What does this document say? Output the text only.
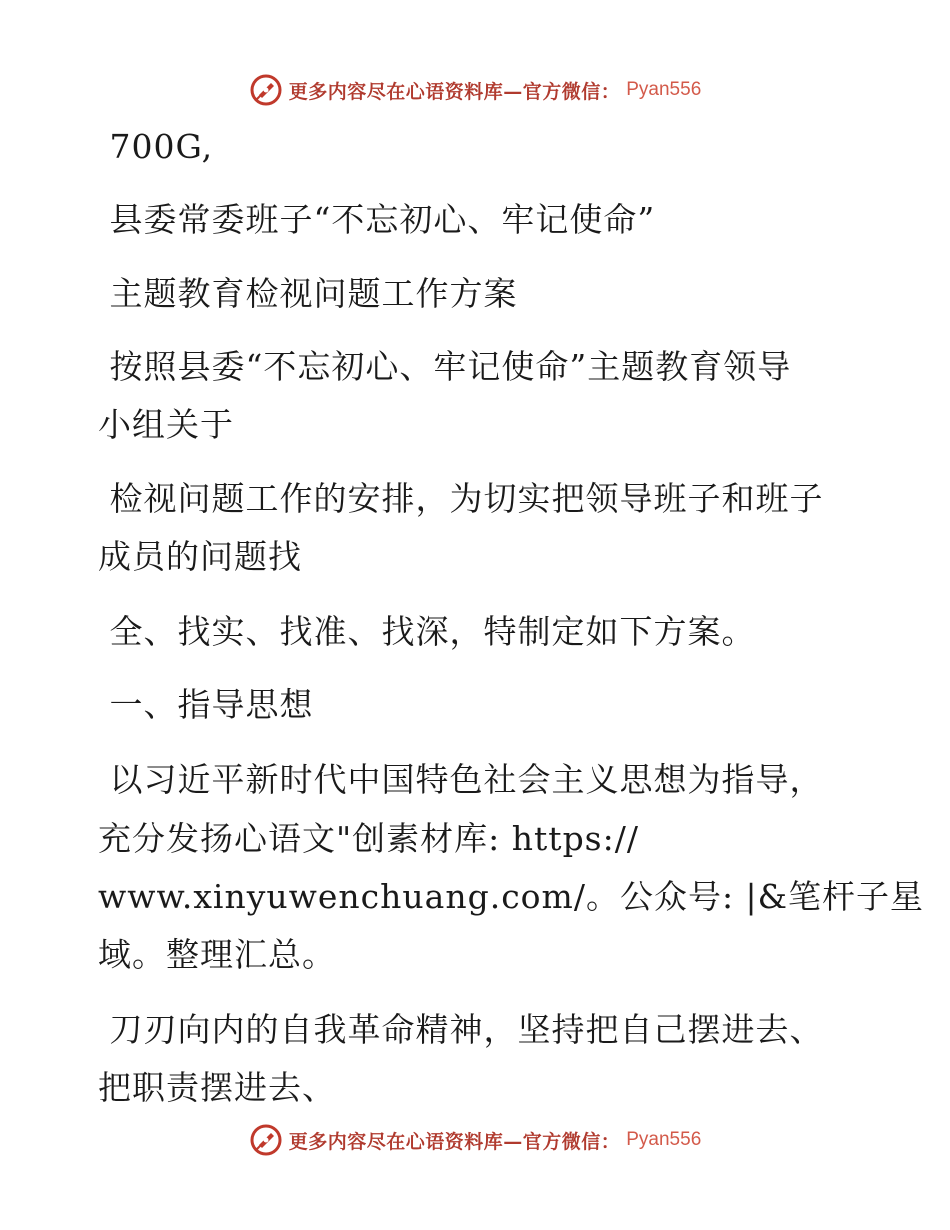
更多内容尽在心语资料库—官方微信： Pyan556
700G,
县委常委班子“不忘初心、牢记使命”
主题教育检视问题工作方案
按照县委“不忘初心、牢记使命”主题教育领导
小组关于
检视问题工作的安排，为切实把领导班子和班子
成员的问题找
全、找实、找准、找深，特制定如下方案。
一、指导思想
以习近平新时代中国特色社会主义思想为指导，
充分发扬心语文"创素材库: https://
www.xinyuwenchuang.com/。公众号: |&笔杆子星
域。整理汇总。
刀刃向内的自我革命精神，坚持把自己摆进去、
把职责摆进去、
更多内容尽在心语资料库—官方微信： Pyan556
